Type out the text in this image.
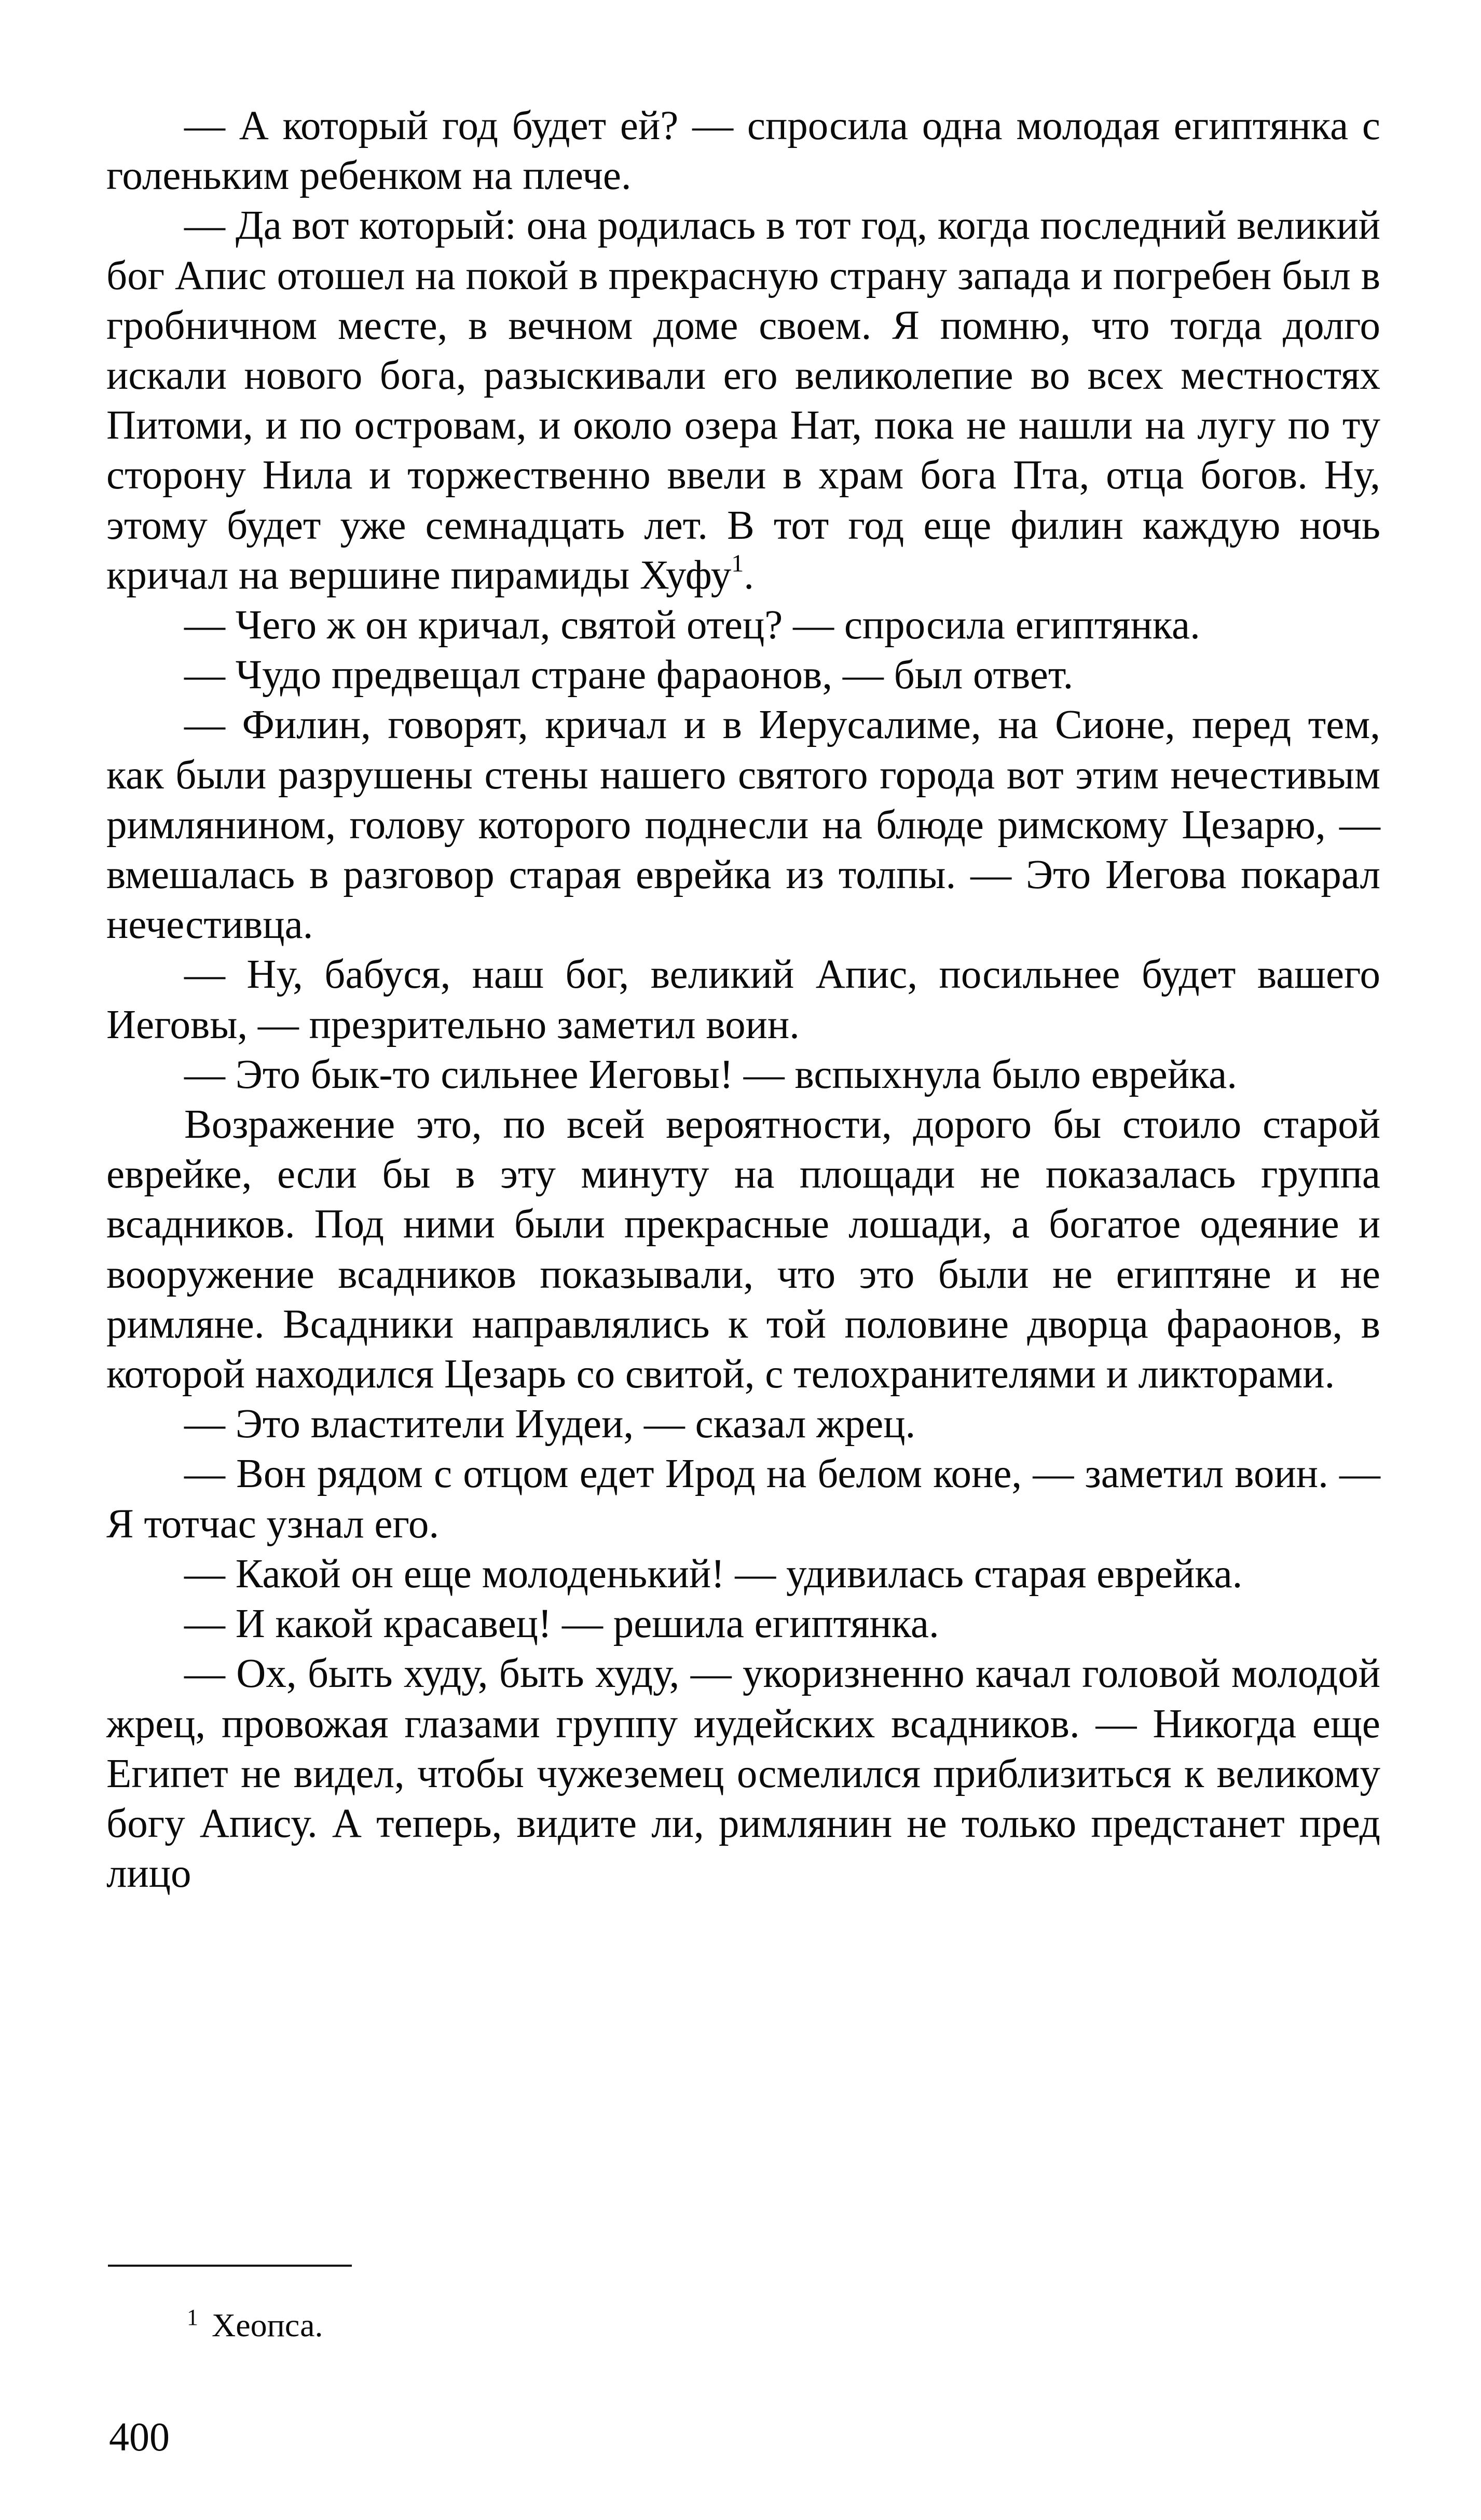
— А который год будет ей? — спросила одна молодая египтянка с голеньким ребенком на плече.

— Да вот который: она родилась в тот год, когда последний великий бог Апис отошел на покой в прекрасную страну запада и погребен был в гробничном месте, в вечном доме своем. Я помню, что тогда долго искали нового бога, разыскивали его великолепие во всех местностях Питоми, и по островам, и около озера Нат, пока не нашли на лугу по ту сторону Нила и торжественно ввели в храм бога Пта, отца богов. Ну, этому будет уже семнадцать лет. В тот год еще филин каждую ночь кричал на вершине пирамиды Хуфу$^1$.

— Чего ж он кричал, святой отец? — спросила египтянка.

— Чудо предвещал стране фараонов, — был ответ.

— Филин, говорят, кричал и в Иерусалиме, на Сионе, перед тем, как были разрушены стены нашего святого города вот этим нечестивым римлянином, голову которого поднесли на блюде римскому Цезарю, — вмешалась в разговор старая еврейка из толпы. — Это Иегова покарал нечестивца.

— Ну, бабуся, наш бог, великий Апис, посильнее будет вашего Иеговы, — презрительно заметил воин.

— Это бык-то сильнее Иеговы! — вспыхнула было еврейка.

Возражение это, по всей вероятности, дорого бы стоило старой еврейке, если бы в эту минуту на площади не показалась группа всадников. Под ними были прекрасные лошади, а богатое одеяние и вооружение всадников показывали, что это были не египтяне и не римляне. Всадники направлялись к той половине дворца фараонов, в которой находился Цезарь со свитой, с телохранителями и ликторами.

— Это властители Иудеи, — сказал жрец.

— Вон рядом с отцом едет Ирод на белом коне, — заметил воин. — Я тотчас узнал его.

— Какой он еще молоденький! — удивилась старая еврейка.

— И какой красавец! — решила египтянка.

— Ох, быть худу, быть худу, — укоризненно качал головой молодой жрец, провожая глазами группу иудейских всадников. — Никогда еще Египет не видел, чтобы чужеземец осмелился приблизиться к великому богу Апису. А теперь, видите ли, римлянин не только предстанет пред лицо

$^1$ Хеопса.
400
